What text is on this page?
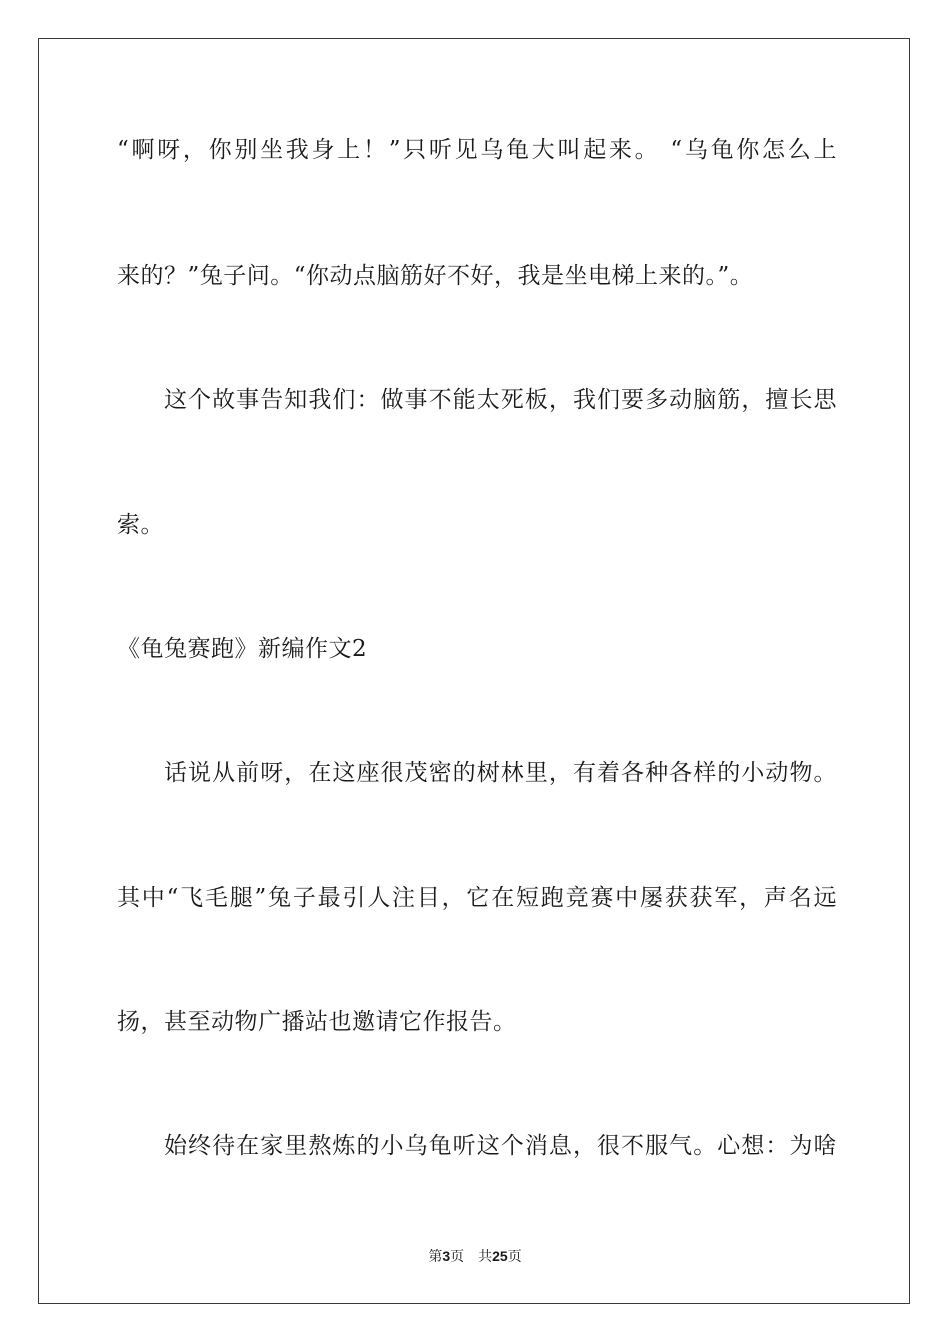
“啊呀，你别坐我身上！”只听见乌龟大叫起来。 “乌龟你怎么上
来的？”兔子问。“你动点脑筋好不好，我是坐电梯上来的。”。
这个故事告知我们：做事不能太死板，我们要多动脑筋，擅长思
索。
《龟兔赛跑》新编作文2
话说从前呀，在这座很茂密的树林里，有着各种各样的小动物。
其中“飞毛腿”兔子最引人注目，它在短跑竞赛中屡获获军，声名远
扬，甚至动物广播站也邀请它作报告。
始终待在家里熬炼的小乌龟听这个消息，很不服气。心想：为啥
第3页 共25页
